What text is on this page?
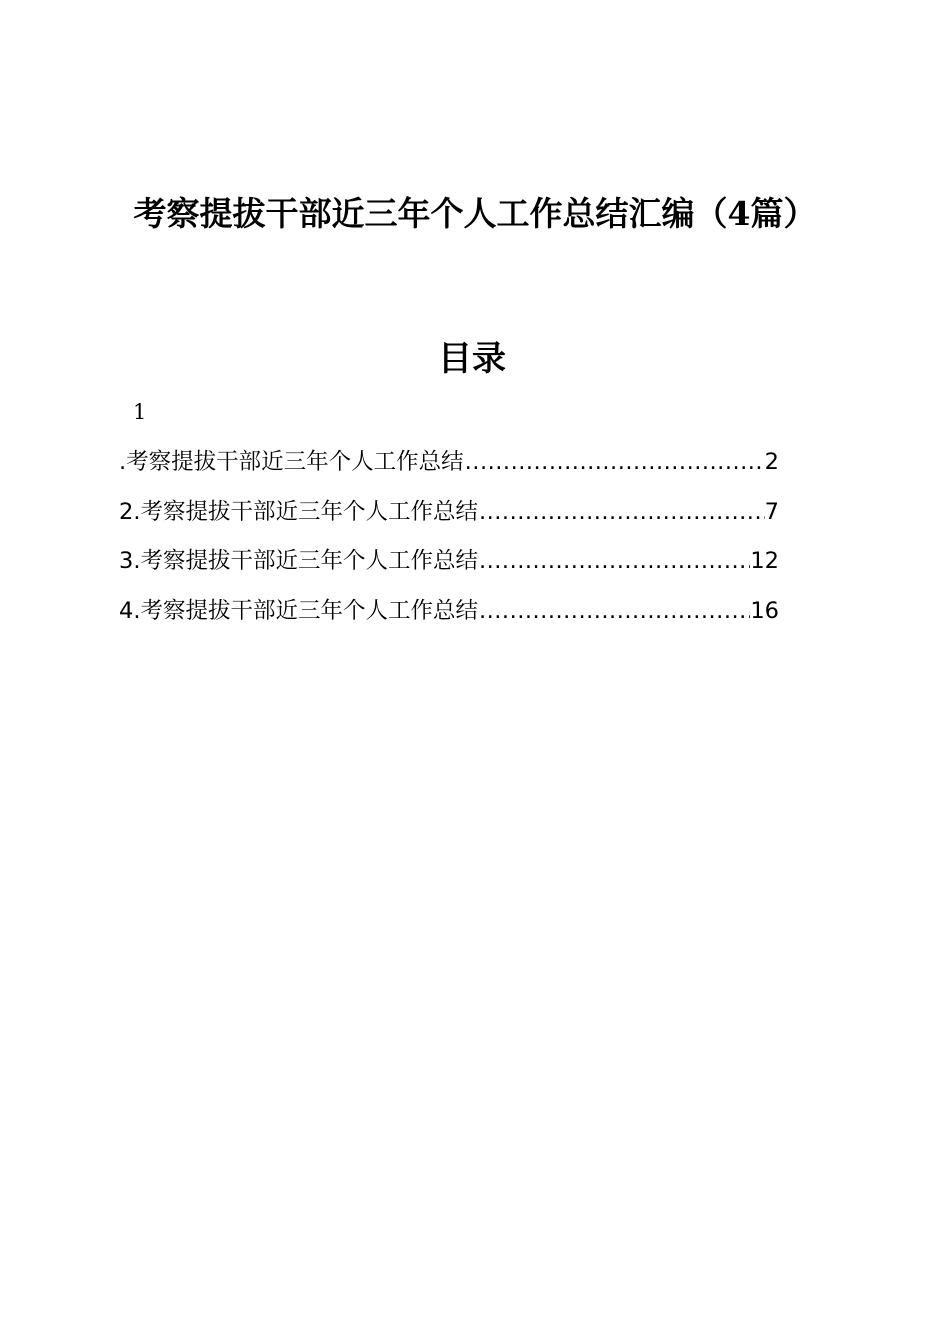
考察提拔干部近三年个人工作总结汇编（4篇）
目录
1
.考察提拔干部近三年个人工作总结 .....	2
2.考察提拔干部近三年个人工作总结 .....	7
3.考察提拔干部近三年个人工作总结 .....	12
4.考察提拔干部近三年个人工作总结 .....	16
